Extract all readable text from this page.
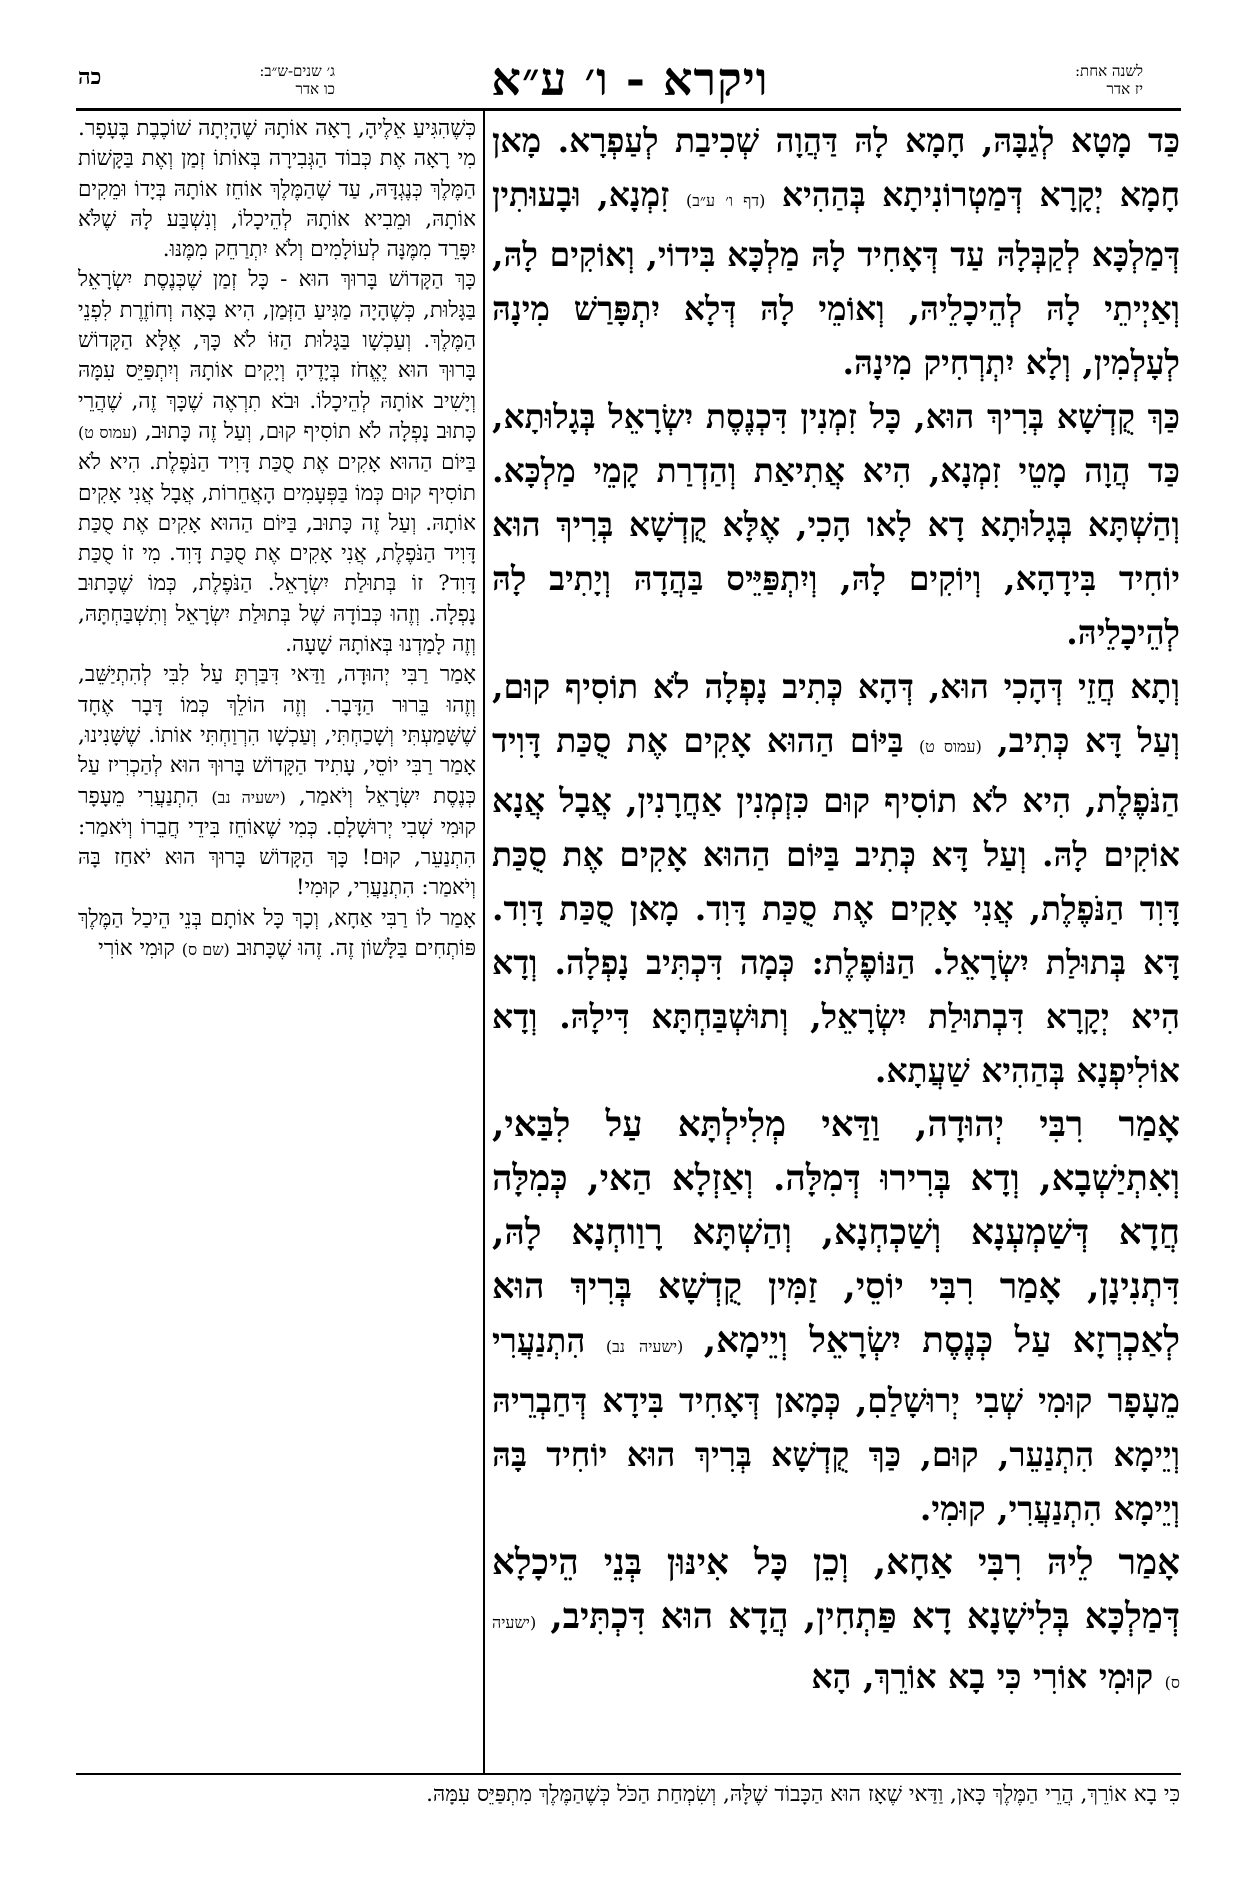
לשנה אחת:
יז אדר
ויקרא - ו׳ ע״א
ג׳ שנים-ש״ב:
כו אדר
כה

כַּד מָטָא לְגַבָּהּ, חָמָא לָהּ דַּהֲוָה שְׁכִיבַת לְעַפְרָא. מָאן חָמָא יְקָרָא דְּמַטְרוֹנִיתָא בְּהַהִיא (דף ו׳ ע״ב) זִמְנָא, וּבָעוּתִין דְּמַלְכָּא לְקַבְּלָהּ עַד דְּאָחִיד לָהּ מַלְכָּא בִּידוֹי, וְאוֹקִים לָהּ, וְאַיְיתֵי לָהּ לְהֵיכָלֵיהּ, וְאוֹמֵי לָהּ דְּלָא יִתְפָּרַשׁ מִינָהּ לְעָלְמִין, וְלָא יִתְרְחִיק מִינָהּ.

כַּךְ קֻדְשָׁא בְּרִיךְ הוּא, כָּל זִמְנִין דִּכְנֶסֶת יִשְׂרָאֵל בְּגָלוּתָא, כַּד הֲוָה מָטֵי זִמְנָא, הִיא אֲתִיאַת וְהַדְרַת קָמֵי מַלְכָּא. וְהַשְׁתָּא בְּגָלוּתָא דָא לָאו הָכִי, אֶלָּא קֻדְשָׁא בְּרִיךְ הוּא יוֹחִיד בִּידָהָא, וְיוֹקִים לָהּ, וְיִתְפַּיֵּיס בַּהֲדָהּ וְיָתִיב לָהּ לְהֵיכָלֵיהּ.

וְתָא חֲזֵי דְּהָכִי הוּא, דְּהָא כְּתִיב נָפְלָה לֹא תוֹסִיף קוּם, וְעַל דָּא כְּתִיב, (עמוס ט) בַּיּוֹם הַהוּא אָקִים אֶת סֻכַּת דָּוִיד הַנֹּפֶלֶת, הִיא לֹא תוֹסִיף קוּם כִּזְמְנִין אַחֲרָנִין, אֲבָל אֲנָא אוֹקִים לָהּ. וְעַל דָּא כְּתִיב בַּיּוֹם הַהוּא אָקִים אֶת סֻכַּת דָּוִד הַנֹּפֶלֶת, אֲנִי אָקִים אֶת סֻכַּת דָּוִד. מָאן סֻכַּת דָּוִד. דָּא בְּתוּלַת יִשְׂרָאֵל. הַנּוֹפֶלֶת: כְּמָה דִּכְתִּיב נָפְלָה. וְדָא הִיא יְקָרָא דִּבְתוּלַת יִשְׂרָאֵל, וְתוּשְׁבַּחְתָּא דִּילָהּ. וְדָא אוֹלִיפְנָא בְּהַהִיא שַׁעֲתָא.

אָמַר רִבִּי יְהוּדָה, וַדַּאי מְלִילְתָּא עַל לִבַּאי, וְאִתְיַשְׁבָא, וְדָא בְּרִירוּ דְּמִלָּה. וְאַזְלָא הַאי, כְּמִלָּה חֲדָא דְּשַׁמְעְנָא וְשַׁכְחְנָא, וְהַשְׁתָּא רָוַוחְנָא לָהּ, דִּתְנִינָן, אָמַר רִבִּי יוֹסֵי, זַמִּין קֻדְשָׁא בְּרִיךְ הוּא לְאַכְרְזָא עַל כְּנֶסֶת יִשְׂרָאֵל וְיֵימָא, (ישעיה נב) הִתְנַעֲרִי מֵעָפָר קוּמִי שְׁבִי יְרוּשָׁלַםִ, כְּמָאן דְּאָחִיד בִּידָא דְּחַבְרֵיהּ וְיֵימָא הִתְנַעֵר, קוּם, כַּךְ קֻדְשָׁא בְּרִיךְ הוּא יוֹחִיד בָּהּ וְיֵימָא הִתְנַעֲרִי, קוּמִי.

אָמַר לֵיהּ רִבִּי אַחָא, וְכֵן כָּל אִינּוּן בְּנֵי הֵיכָלָא דְּמַלְכָּא בְּלִישָׁנָא דָא פַּתְחִין, הֲדָא הוּא דִּכְתִּיב, (ישעיה ס) קוּמִי אוֹרִי כִּי בָא אוֹרֵךְ, הָא

כְּשֶׁהִגִּיעַ אֵלֶיהָ, רָאָה אוֹתָהּ שֶׁהָיְתָה שׁוֹכֶבֶת בֶּעָפָר. מִי רָאָה אֶת כְּבוֹד הַגְּבִירָה בְּאוֹתוֹ זְמַן וְאֶת בַּקָּשׁוֹת הַמֶּלֶךְ כְּנֶגְדָּהּ, עַד שֶׁהַמֶּלֶךְ אוֹחֵז אוֹתָהּ בְּיָדוֹ וּמֵקִים אוֹתָהּ, וּמֵבִיא אוֹתָהּ לְהֵיכָלוֹ, וְנִשְׁבַּע לָהּ שֶׁלֹּא יִפָּרֵד מִמֶּנָּה לְעוֹלָמִים וְלֹא יִתְרַחֵק מִמֶּנּוּ.

כָּךְ הַקָּדוֹשׁ בָּרוּךְ הוּא - כָּל זְמַן שֶׁכְּנֶסֶת יִשְׂרָאֵל בַּגָּלוּת, כְּשֶׁהָיָה מַגִּיעַ הַזְּמַן, הִיא בָּאָה וְחוֹזֶרֶת לִפְנֵי הַמֶּלֶךְ. וְעַכְשָׁו בַּגָּלוּת הַזּוֹ לֹא כָּךְ, אֶלָּא הַקָּדוֹשׁ בָּרוּךְ הוּא יֶאֱחֹז בְּיָדֶיהָ וְיָקִים אוֹתָהּ וְיִתְפַּיֵּס עִמָּהּ וְיָשִׁיב אוֹתָהּ לְהֵיכָלוֹ. וּבֹא תִרְאֶה שֶׁכָּךְ זֶה, שֶׁהֲרֵי כָּתוּב נָפְלָה לֹא תוֹסִיף קוּם, וְעַל זֶה כָּתוּב, (עמוס ט) בַּיּוֹם הַהוּא אָקִים אֶת סֻכַּת דָּוִיד הַנֹּפֶלֶת. הִיא לֹא תוֹסִיף קוּם כְּמוֹ בַּפְּעָמִים הָאֲחֵרוֹת, אֲבָל אֲנִי אָקִים אוֹתָהּ. וְעַל זֶה כָּתוּב, בַּיּוֹם הַהוּא אָקִים אֶת סֻכַּת דָּוִיד הַנֹּפֶלֶת, אֲנִי אָקִים אֶת סֻכַּת דָּוִד. מִי זוֹ סֻכַּת דָּוִד? זוֹ בְּתוּלַת יִשְׂרָאֵל. הַנֹּפֶלֶת, כְּמוֹ שֶׁכָּתוּב נָפְלָה. וְזֶהוּ כְּבוֹדָהּ שֶׁל בְּתוּלַת יִשְׂרָאֵל וְתִשְׁבַּחְתָּהּ, וְזֶה לָמַדְנוּ בְּאוֹתָהּ שָׁעָה.

אָמַר רַבִּי יְהוּדָה, וַדַּאי דִּבַּרְתָּ עַל לִבִּי לְהִתְיַשֵּׁב, וְזֶהוּ בֵּרוּר הַדָּבָר. וְזֶה הוֹלֵךְ כְּמוֹ דָּבָר אֶחָד שֶׁשָּׁמַעְתִּי וְשָׁכַחְתִּי, וְעַכְשָׁו הִרְוַחְתִּי אוֹתוֹ. שֶׁשָּׁנִינוּ, אָמַר רַבִּי יוֹסֵי, עָתִיד הַקָּדוֹשׁ בָּרוּךְ הוּא לְהַכְרִיז עַל כְּנֶסֶת יִשְׂרָאֵל וְיֹאמַר, (ישעיה נב) הִתְנַעֲרִי מֵעָפָר קוּמִי שְׁבִי יְרוּשָׁלָםִ. כְּמִי שֶׁאוֹחֵז בִּידֵי חֲבֵרוֹ וְיֹאמַר: הִתְנַעֵר, קוּם! כָּךְ הַקָּדוֹשׁ בָּרוּךְ הוּא יֹאחַז בָּהּ וְיֹאמַר: הִתְנַעֲרִי, קוּמִי!

אָמַר לוֹ רַבִּי אַחָא, וְכָךְ כָּל אוֹתָם בְּנֵי הֵיכַל הַמֶּלֶךְ פּוֹתְחִים בַּלָּשׁוֹן זֶה. זֶהוּ שֶׁכָּתוּב (שם ס) קוּמִי אוֹרִי

כִּי בָא אוֹרֵךְ, הֲרֵי הַמֶּלֶךְ כָּאן, וַדַּאי שֶׁאָז הוּא הַכָּבוֹד שֶׁלָּהּ, וְשִׂמְחַת הַכֹּל כְּשֶׁהַמֶּלֶךְ מִתְפַּיֵּס עִמָּהּ.
